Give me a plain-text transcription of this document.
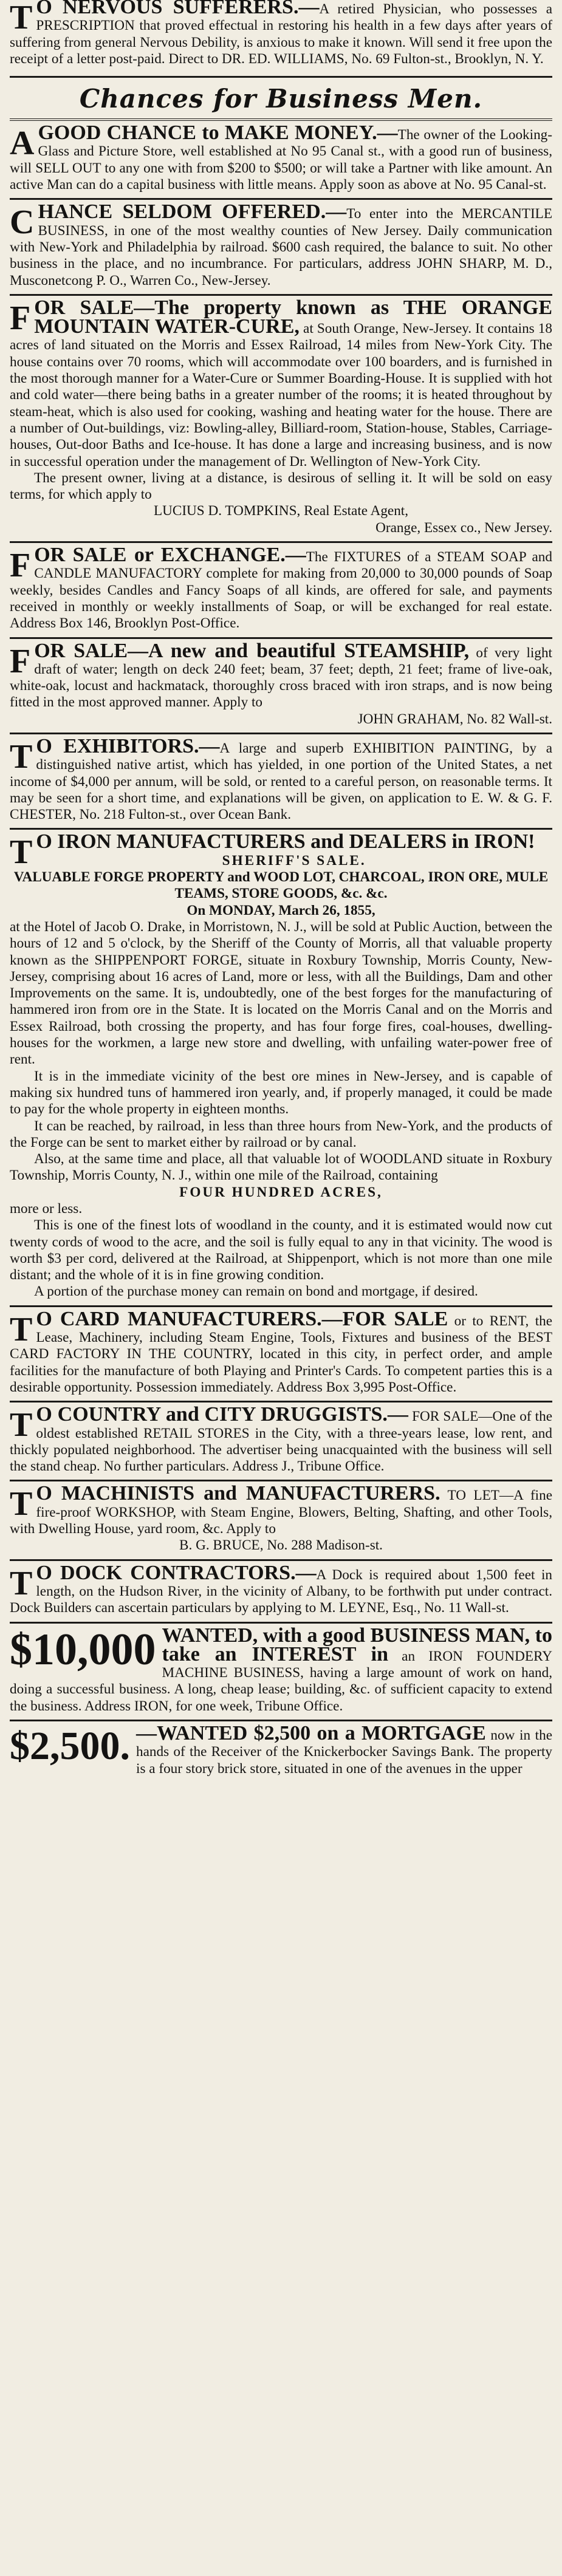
T O NERVOUS SUFFERERS.—A retired Physician, who possesses a PRESCRIPTION that proved effectual in restoring his health in a few days after years of suffering from general Nervous Debility, is anxious to make it known. Will send it free upon the receipt of a letter post-paid. Direct to DR. ED. WILLIAMS, No. 69 Fulton-st., Brooklyn, N. Y.

Chances for Business Men.

AGOOD CHANCE to MAKE MONEY.—The owner of the Looking-Glass and Picture Store, well established at No 95 Canal st., with a good run of business, will SELL OUT to any one with from $200 to $500; or will take a Partner with like amount. An active Man can do a capital business with little means. Apply soon as above at No. 95 Canal-st.

CHANCE SELDOM OFFERED.—To enter into the MERCANTILE BUSINESS, in one of the most wealthy counties of New Jersey. Daily communication with New-York and Philadelphia by railroad. $600 cash required, the balance to suit. No other business in the place, and no incumbrance. For particulars, address JOHN SHARP, M. D., Musconetcong P. O., Warren Co., New-Jersey.

FOR SALE—The property known as THE ORANGE MOUNTAIN WATER-CURE, at South Orange, New-Jersey. It contains 18 acres of land situated on the Morris and Essex Railroad, 14 miles from New-York City. The house contains over 70 rooms, which will accommodate over 100 boarders, and is furnished in the most thorough manner for a Water-Cure or Summer Boarding-House. It is supplied with hot and cold water—there being baths in a greater number of the rooms; it is heated throughout by steam-heat, which is also used for cooking, washing and heating water for the house. There are a number of Out-buildings, viz: Bowling-alley, Billiard-room, Station-house, Stables, Carriage-houses, Out-door Baths and Ice-house. It has done a large and increasing business, and is now in successful operation under the management of Dr. Wellington of New-York City.

The present owner, living at a distance, is desirous of selling it. It will be sold on easy terms, for which apply to

LUCIUS D. TOMPKINS, Real Estate Agent,

Orange, Essex co., New Jersey.

FOR SALE or EXCHANGE.—The FIXTURES of a STEAM SOAP and CANDLE MANUFACTORY complete for making from 20,000 to 30,000 pounds of Soap weekly, besides Candles and Fancy Soaps of all kinds, are offered for sale, and payments received in monthly or weekly installments of Soap, or will be exchanged for real estate. Address Box 146, Brooklyn Post-Office.

FOR SALE—A new and beautiful STEAMSHIP, of very light draft of water; length on deck 240 feet; beam, 37 feet; depth, 21 feet; frame of live-oak, white-oak, locust and hackmatack, thoroughly cross braced with iron straps, and is now being fitted in the most approved manner. Apply to

JOHN GRAHAM, No. 82 Wall-st.

T O EXHIBITORS.—A large and superb EXHIBITION PAINTING, by a distinguished native artist, which has yielded, in one portion of the United States, a net income of $4,000 per annum, will be sold, or rented to a careful person, on reasonable terms. It may be seen for a short time, and explanations will be given, on application to E. W. & G. F. CHESTER, No. 218 Fulton-st., over Ocean Bank.

T O IRON MANUFACTURERS and DEALERS in IRON!

SHERIFF'S SALE.

VALUABLE FORGE PROPERTY and WOOD LOT, CHARCOAL, IRON ORE, MULE TEAMS, STORE GOODS, &c. &c.

On MONDAY, March 26, 1855,

at the Hotel of Jacob O. Drake, in Morristown, N. J., will be sold at Public Auction, between the hours of 12 and 5 o'clock, by the Sheriff of the County of Morris, all that valuable property known as the SHIPPENPORT FORGE, situate in Roxbury Township, Morris County, New-Jersey, comprising about 16 acres of Land, more or less, with all the Buildings, Dam and other Improvements on the same. It is, undoubtedly, one of the best forges for the manufacturing of hammered iron from ore in the State. It is located on the Morris Canal and on the Morris and Essex Railroad, both crossing the property, and has four forge fires, coal-houses, dwelling-houses for the workmen, a large new store and dwelling, with unfailing water-power free of rent.

It is in the immediate vicinity of the best ore mines in New-Jersey, and is capable of making six hundred tuns of hammered iron yearly, and, if properly managed, it could be made to pay for the whole property in eighteen months.

It can be reached, by railroad, in less than three hours from New-York, and the products of the Forge can be sent to market either by railroad or by canal.

Also, at the same time and place, all that valuable lot of WOODLAND situate in Roxbury Township, Morris County, N. J., within one mile of the Railroad, containing

FOUR HUNDRED ACRES,

more or less.

This is one of the finest lots of woodland in the county, and it is estimated would now cut twenty cords of wood to the acre, and the soil is fully equal to any in that vicinity. The wood is worth $3 per cord, delivered at the Railroad, at Shippenport, which is not more than one mile distant; and the whole of it is in fine growing condition.

A portion of the purchase money can remain on bond and mortgage, if desired.

T O CARD MANUFACTURERS.—FOR SALE or to RENT, the Lease, Machinery, including Steam Engine, Tools, Fixtures and business of the BEST CARD FACTORY IN THE COUNTRY, located in this city, in perfect order, and ample facilities for the manufacture of both Playing and Printer's Cards. To competent parties this is a desirable opportunity. Possession immediately. Address Box 3,995 Post-Office.

T O COUNTRY and CITY DRUGGISTS.— FOR SALE—One of the oldest established RETAIL STORES in the City, with a three-years lease, low rent, and thickly populated neighborhood. The advertiser being unacquainted with the business will sell the stand cheap. No further particulars. Address J., Tribune Office.

T O MACHINISTS and MANUFACTURERS. TO LET—A fine fire-proof WORKSHOP, with Steam Engine, Blowers, Belting, Shafting, and other Tools, with Dwelling House, yard room, &c. Apply to

B. G. BRUCE, No. 288 Madison-st.

T O DOCK CONTRACTORS.—A Dock is required about 1,500 feet in length, on the Hudson River, in the vicinity of Albany, to be forthwith put under contract. Dock Builders can ascertain particulars by applying to M. LEYNE, Esq., No. 11 Wall-st.

$10,000 WANTED, with a good BUSINESS MAN, to take an INTEREST in an IRON FOUNDERY MACHINE BUSINESS, having a large amount of work on hand, doing a successful business. A long, cheap lease; building, &c. of sufficient capacity to extend the business. Address IRON, for one week, Tribune Office.

$2,500. —WANTED $2,500 on a MORTGAGE now in the hands of the Receiver of the Knickerbocker Savings Bank. The property is a four story brick store, situated in one of the avenues in the upper
